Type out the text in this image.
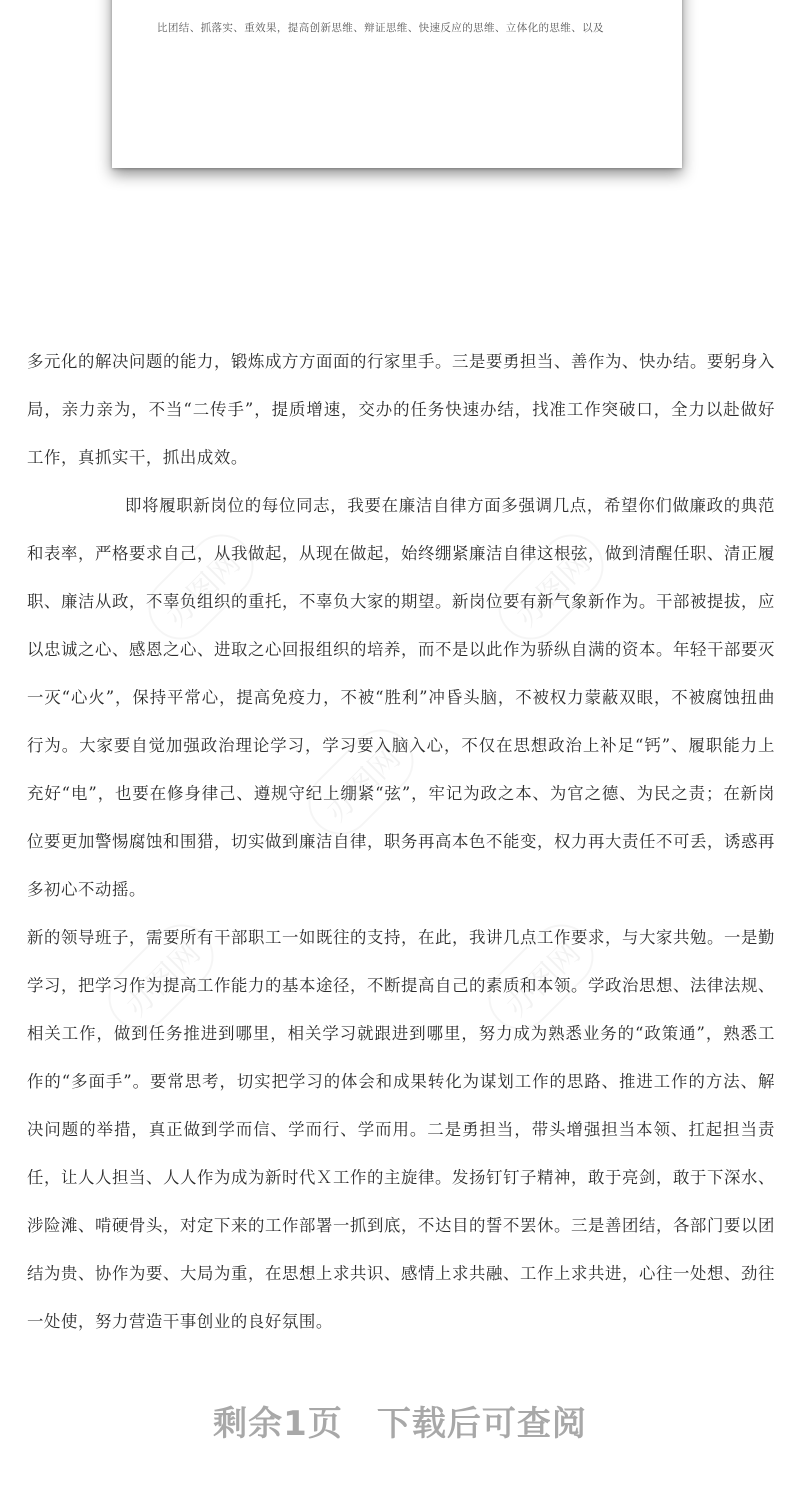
比团结、抓落实、重效果，提高创新思维、辩证思维、快速反应的思维、立体化的思维、以及

多元化的解决问题的能力，锻炼成方方面面的行家里手。三是要勇担当、善作为、快办结。要躬身入局，亲力亲为，不当“二传手”，提质增速，交办的任务快速办结，找准工作突破口，全力以赴做好工作，真抓实干，抓出成效。

即将履职新岗位的每位同志，我要在廉洁自律方面多强调几点，希望你们做廉政的典范和表率，严格要求自己，从我做起，从现在做起，始终绷紧廉洁自律这根弦，做到清醒任职、清正履职、廉洁从政，不辜负组织的重托，不辜负大家的期望。新岗位要有新气象新作为。干部被提拔，应以忠诚之心、感恩之心、进取之心回报组织的培养，而不是以此作为骄纵自满的资本。年轻干部要灭一灭“心火”，保持平常心，提高免疫力，不被“胜利”冲昏头脑，不被权力蒙蔽双眼，不被腐蚀扭曲行为。大家要自觉加强政治理论学习，学习要入脑入心，不仅在思想政治上补足“钙”、履职能力上充好“电”，也要在修身律己、遵规守纪上绷紧“弦”，牢记为政之本、为官之德、为民之责；在新岗位要更加警惕腐蚀和围猎，切实做到廉洁自律，职务再高本色不能变，权力再大责任不可丢，诱惑再多初心不动摇。

新的领导班子，需要所有干部职工一如既往的支持，在此，我讲几点工作要求，与大家共勉。一是勤学习，把学习作为提高工作能力的基本途径，不断提高自己的素质和本领。学政治思想、法律法规、相关工作，做到任务推进到哪里，相关学习就跟进到哪里，努力成为熟悉业务的“政策通”，熟悉工作的“多面手”。要常思考，切实把学习的体会和成果转化为谋划工作的思路、推进工作的方法、解决问题的举措，真正做到学而信、学而行、学而用。二是勇担当，带头增强担当本领、扛起担当责任，让人人担当、人人作为成为新时代Ｘ工作的主旋律。发扬钉钉子精神，敢于亮剑，敢于下深水、涉险滩、啃硬骨头，对定下来的工作部署一抓到底，不达目的誓不罢休。三是善团结，各部门要以团结为贵、协作为要、大局为重，在思想上求共识、感情上求共融、工作上求共进，心往一处想、劲往一处使，努力营造干事创业的良好氛围。

办图网	办图网
办图网
办图网	办图网
剩余1页 下载后可查阅
